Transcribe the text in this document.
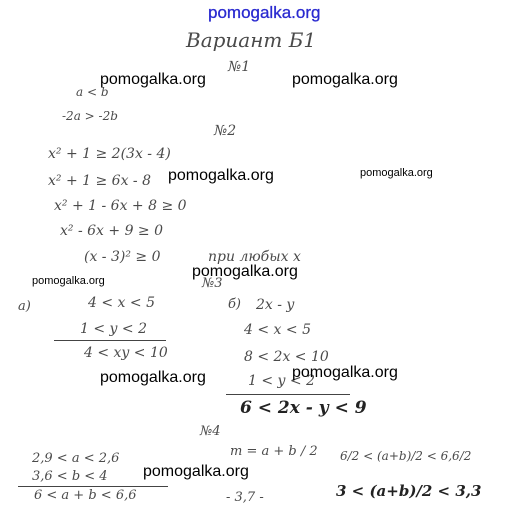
pomogalka.org
Вариант Б1
№1
a < b
-2a > -2b
№2
x² + 1 ≥ 2(3x - 4)
x² + 1 ≥ 6x - 8
x² + 1 - 6x + 8 ≥ 0
x² - 6x + 9 ≥ 0
(x - 3)² ≥ 0	при любых x
№3
a)	4 < x < 5
1 < y < 2
4 < xy < 10
б) 2x - y
4 < x < 5
8 < 2x < 10
1 < y < 2
6 < 2x - y < 9
№4
2,9 < a < 2,6
3,6 < b < 4
6 < a + b < 6,6
m = a + b / 2
- 3,7 -
6/2 < (a+b)/2 < 6,6/2
3 < (a+b)/2 < 3,3
pomogalka.org	pomogalka.org
pomogalka.org	pomogalka.org
pomogalka.org
pomogalka.org
pomogalka.org	pomogalka.org
pomogalka.org
